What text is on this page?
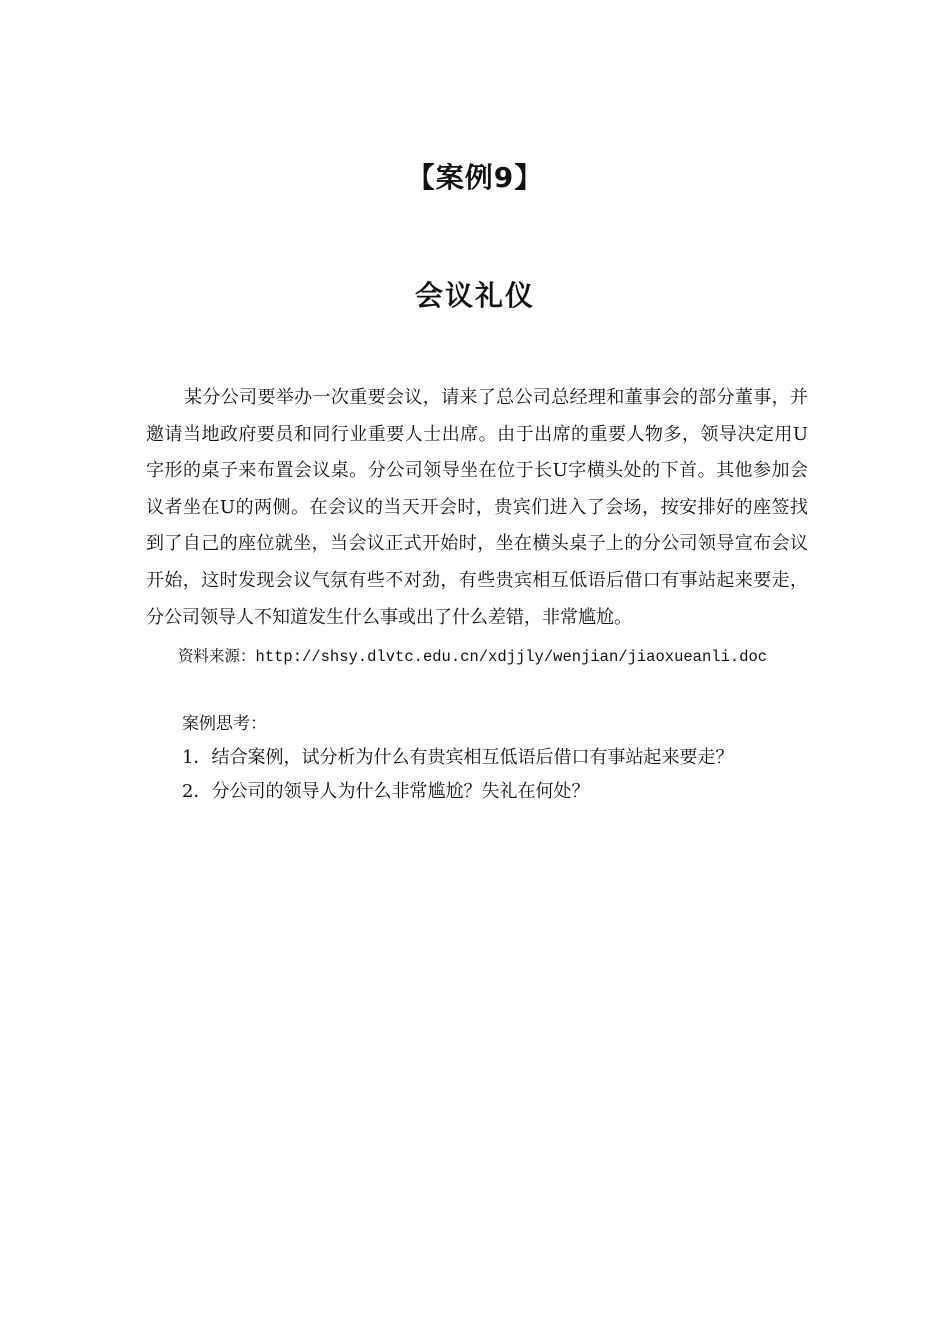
【案例9】
会议礼仪

某分公司要举办一次重要会议，请来了总公司总经理和董事会的部分董事，并邀请当地政府要员和同行业重要人士出席。由于出席的重要人物多，领导决定用U字形的桌子来布置会议桌。分公司领导坐在位于长U字横头处的下首。其他参加会议者坐在U的两侧。在会议的当天开会时，贵宾们进入了会场，按安排好的座签找到了自己的座位就坐，当会议正式开始时，坐在横头桌子上的分公司领导宣布会议开始，这时发现会议气氛有些不对劲，有些贵宾相互低语后借口有事站起来要走，分公司领导人不知道发生什么事或出了什么差错，非常尴尬。

资料来源：http://shsy.dlvtc.edu.cn/xdjjly/wenjian/jiaoxueanli.doc
案例思考：
1．结合案例，试分析为什么有贵宾相互低语后借口有事站起来要走？
2．分公司的领导人为什么非常尴尬？失礼在何处？
